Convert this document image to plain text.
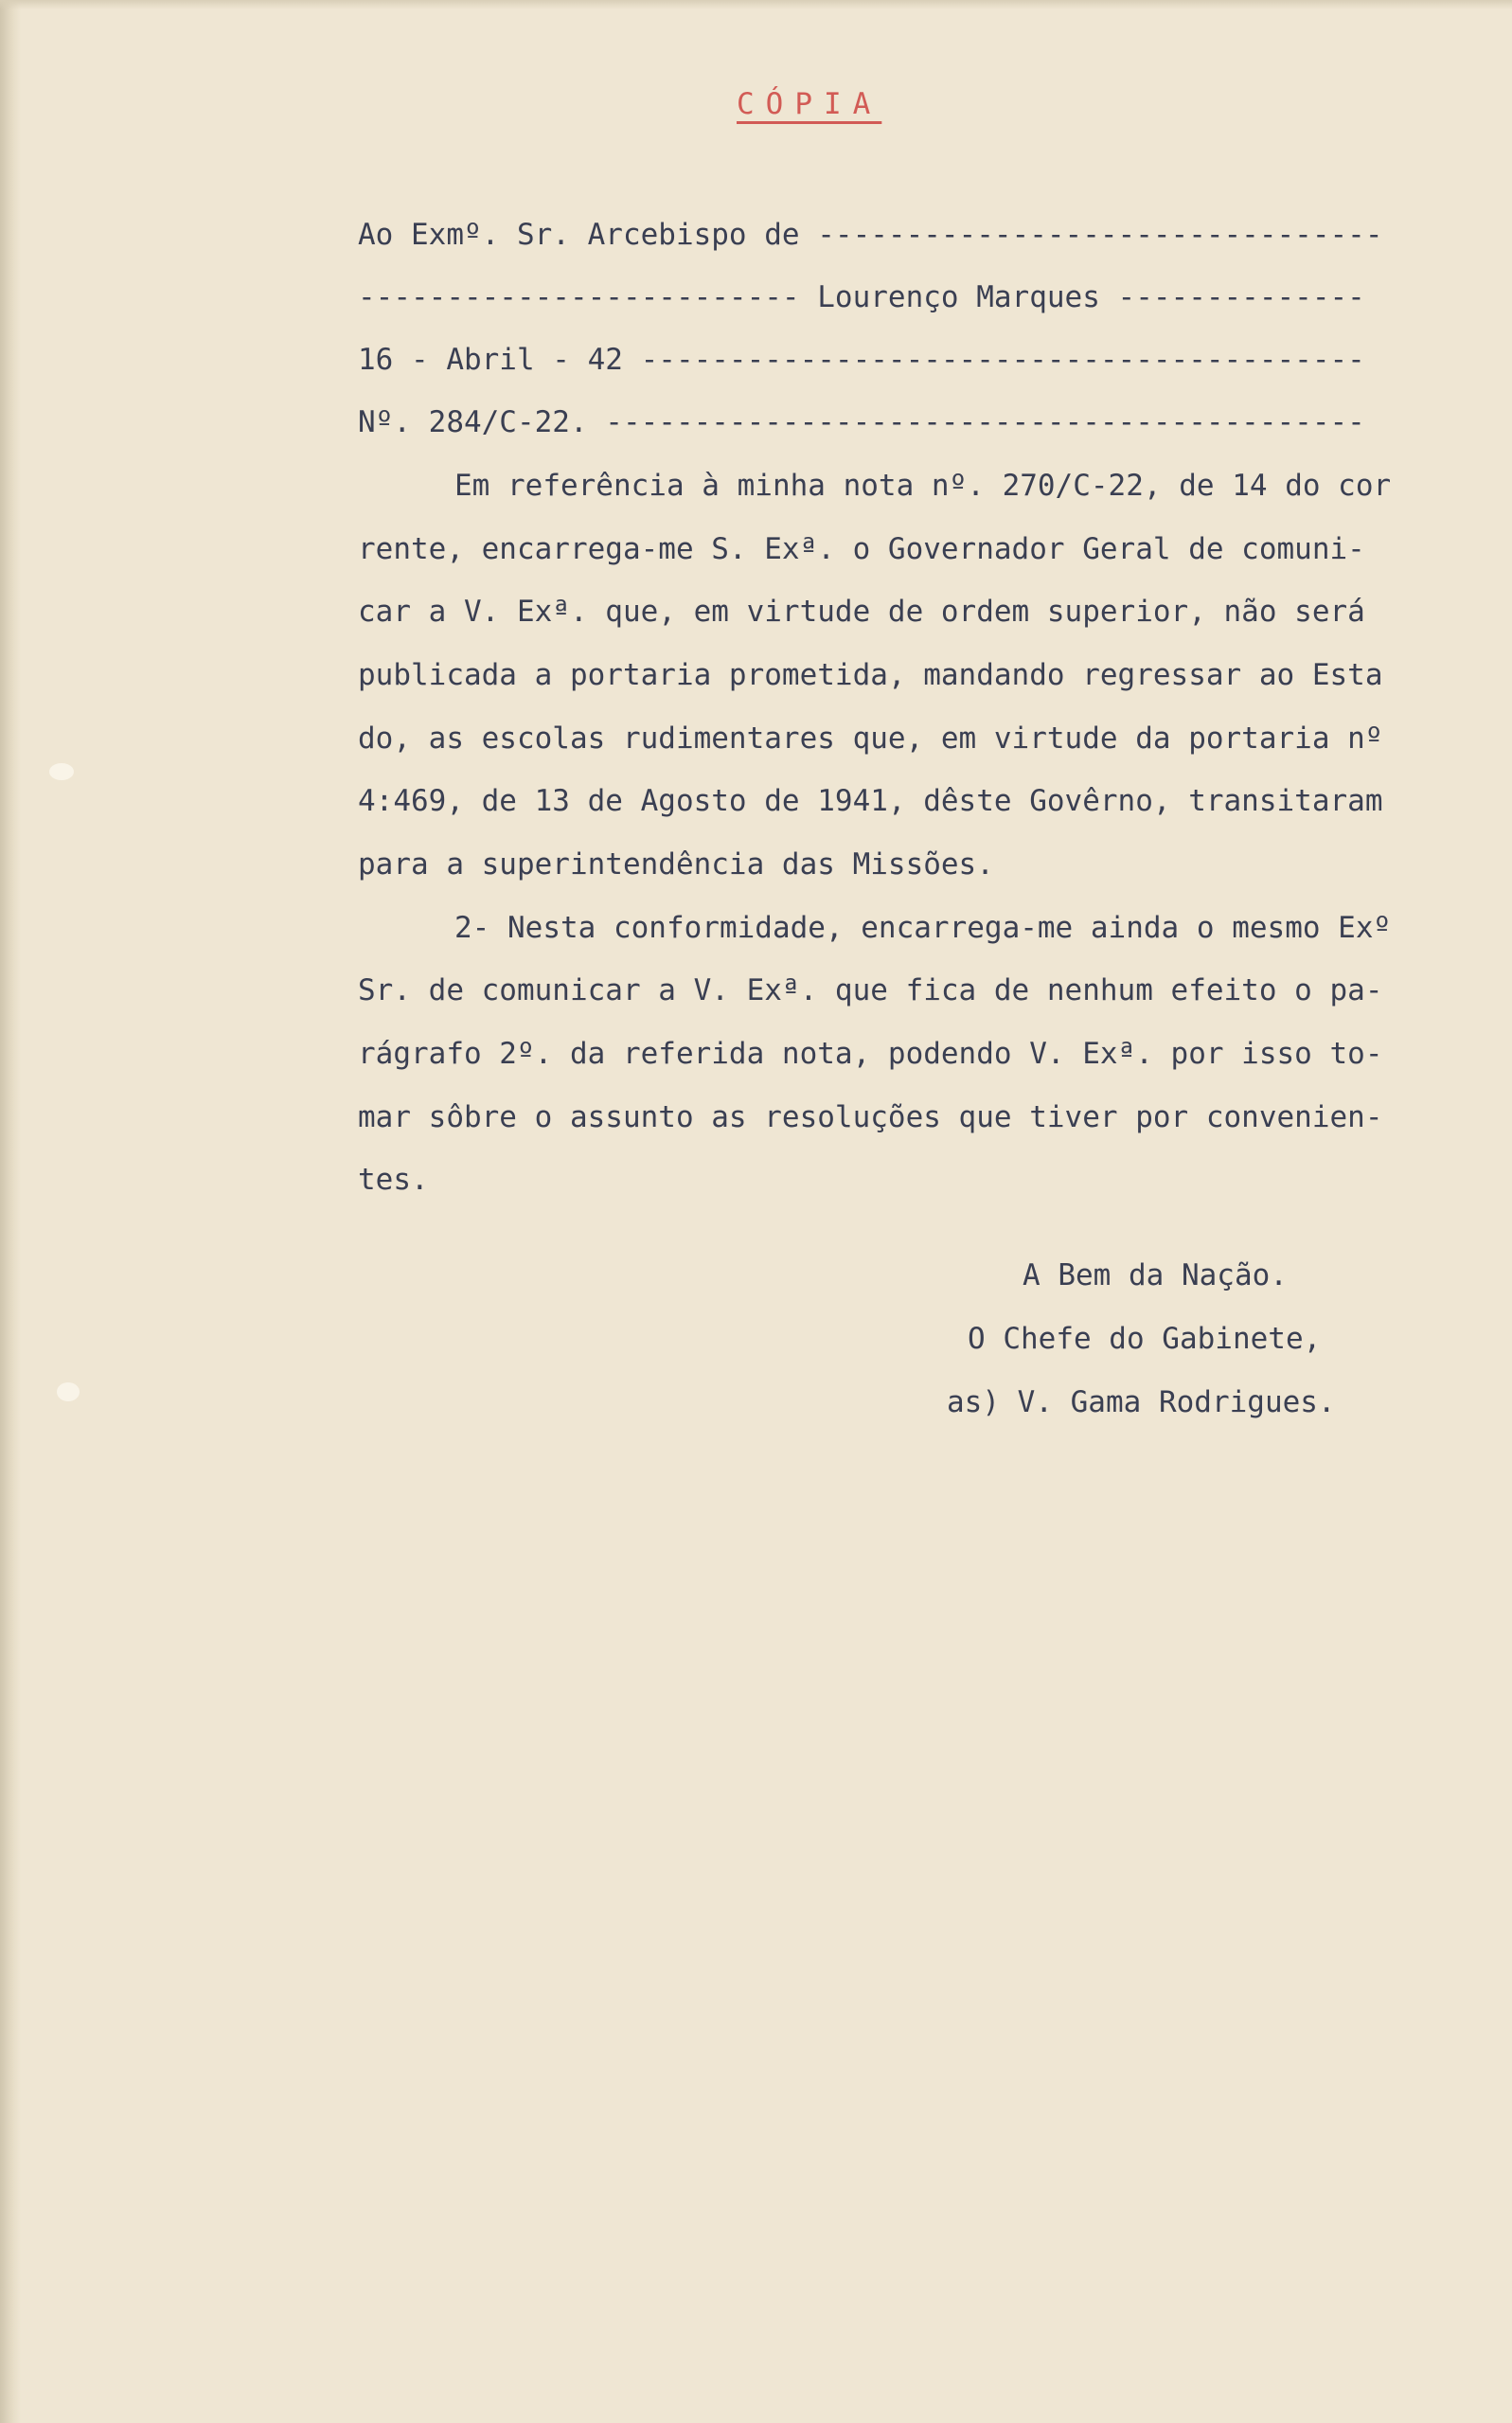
CÓPIA
Ao Exmº. Sr. Arcebispo de --------------------------------
------------------------- Lourenço Marques --------------
16 - Abril - 42 -----------------------------------------
Nº. 284/C-22. -------------------------------------------
Em referência à minha nota nº. 270/C-22, de 14 do cor
rente, encarrega-me S. Exª. o Governador Geral de comuni-
car a V. Exª. que, em virtude de ordem superior, não será
publicada a portaria prometida, mandando regressar ao Esta
do, as escolas rudimentares que, em virtude da portaria nº
4:469, de 13 de Agosto de 1941, dêste Govêrno, transitaram
para a superintendência das Missões.
2- Nesta conformidade, encarrega-me ainda o mesmo Exº
Sr. de comunicar a V. Exª. que fica de nenhum efeito o pa-
rágrafo 2º. da referida nota, podendo V. Exª. por isso to-
mar sôbre o assunto as resoluções que tiver por convenien-
tes.
A Bem da Nação.
O Chefe do Gabinete,
as) V. Gama Rodrigues.
